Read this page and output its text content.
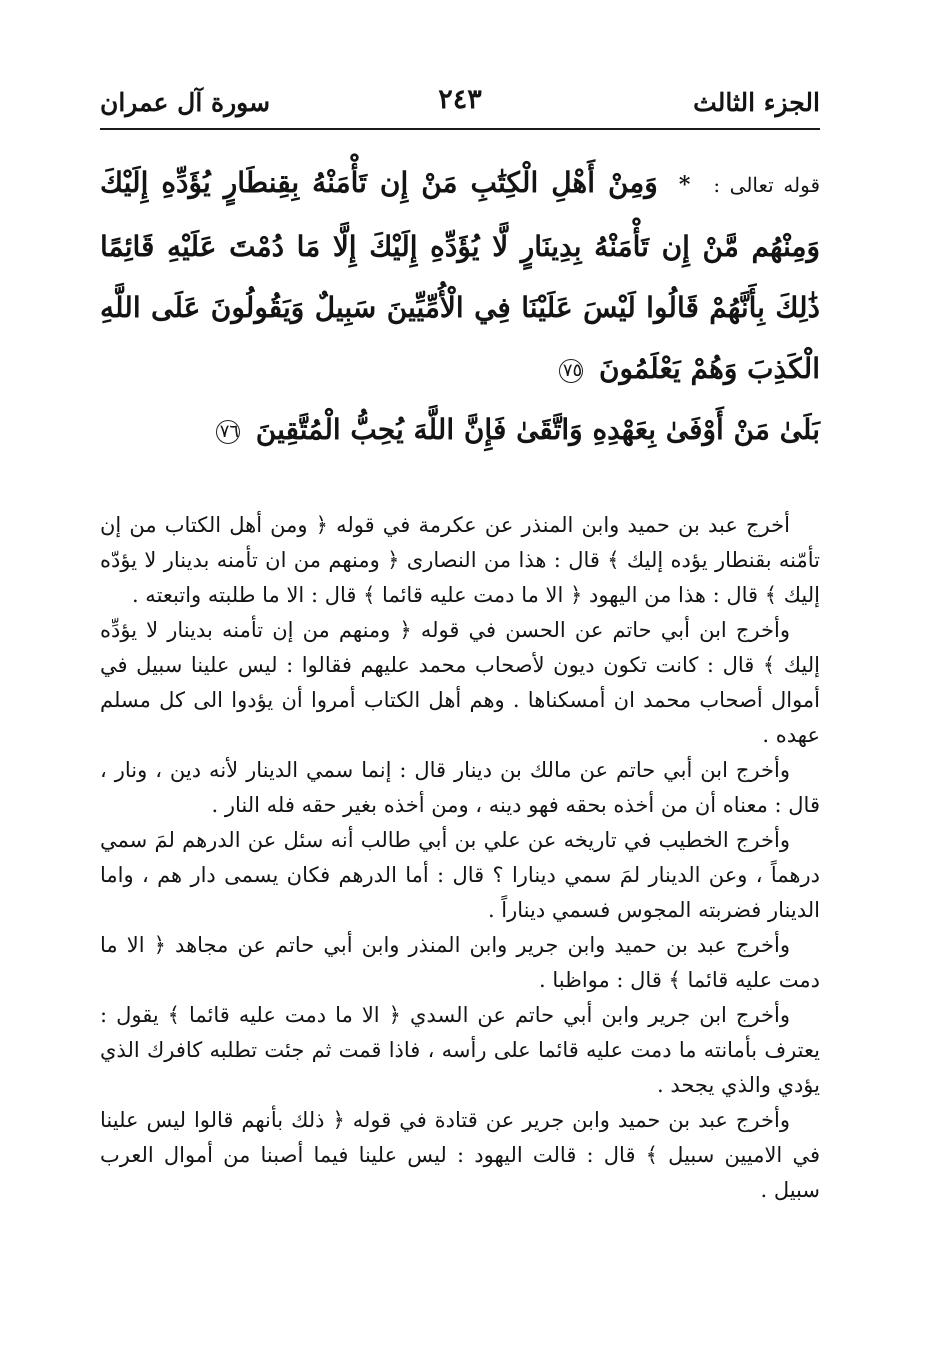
الجزء الثالث
٢٤٣
سورة آل عمران
قوله تعالى : * وَمِنْ أَهْلِ الْكِتَٰبِ مَنْ إِن تَأْمَنْهُ بِقِنطَارٍ يُؤَدِّهِ إِلَيْكَ وَمِنْهُم مَّنْ إِن تَأْمَنْهُ بِدِينَارٍ لَّا يُؤَدِّهِ إِلَيْكَ إِلَّا مَا دُمْتَ عَلَيْهِ قَائِمًا ذَٰلِكَ بِأَنَّهُمْ قَالُوا لَيْسَ عَلَيْنَا فِي الْأُمِّيِّينَ سَبِيلٌ وَيَقُولُونَ عَلَى اللَّهِ الْكَذِبَ وَهُمْ يَعْلَمُونَ ٧٥
بَلَىٰ مَنْ أَوْفَىٰ بِعَهْدِهِ وَاتَّقَىٰ فَإِنَّ اللَّهَ يُحِبُّ الْمُتَّقِينَ ٧٦

أخرج عبد بن حميد وابن المنذر عن عكرمة في قوله ﴿ ومن أهل الكتاب من إن تأمّنه بقنطار يؤده إليك ﴾ قال : هذا من النصارى ﴿ ومنهم من ان تأمنه بدينار لا يؤدّه إليك ﴾ قال : هذا من اليهود ﴿ الا ما دمت عليه قائما ﴾ قال : الا ما طلبته واتبعته .

وأخرج ابن أبي حاتم عن الحسن في قوله ﴿ ومنهم من إن تأمنه بدينار لا يؤدِّه إليك ﴾ قال : كانت تكون ديون لأصحاب محمد عليهم فقالوا : ليس علينا سبيل في أموال أصحاب محمد ان أمسكناها . وهم أهل الكتاب أمروا أن يؤدوا الى كل مسلم عهده .

وأخرج ابن أبي حاتم عن مالك بن دينار قال : إنما سمي الدينار لأنه دين ، ونار ، قال : معناه أن من أخذه بحقه فهو دينه ، ومن أخذه بغير حقه فله النار .

وأخرج الخطيب في تاريخه عن علي بن أبي طالب أنه سئل عن الدرهم لمَ سمي درهماً ، وعن الدينار لمَ سمي دينارا ؟ قال : أما الدرهم فكان يسمى دار هم ، واما الدينار فضربته المجوس فسمي ديناراً .

وأخرج عبد بن حميد وابن جرير وابن المنذر وابن أبي حاتم عن مجاهد ﴿ الا ما دمت عليه قائما ﴾ قال : مواظبا .

وأخرج ابن جرير وابن أبي حاتم عن السدي ﴿ الا ما دمت عليه قائما ﴾ يقول : يعترف بأمانته ما دمت عليه قائما على رأسه ، فاذا قمت ثم جئت تطلبه كافرك الذي يؤدي والذي يجحد .

وأخرج عبد بن حميد وابن جرير عن قتادة في قوله ﴿ ذلك بأنهم قالوا ليس علينا في الاميين سبيل ﴾ قال : قالت اليهود : ليس علينا فيما أصبنا من أموال العرب سبيل .
